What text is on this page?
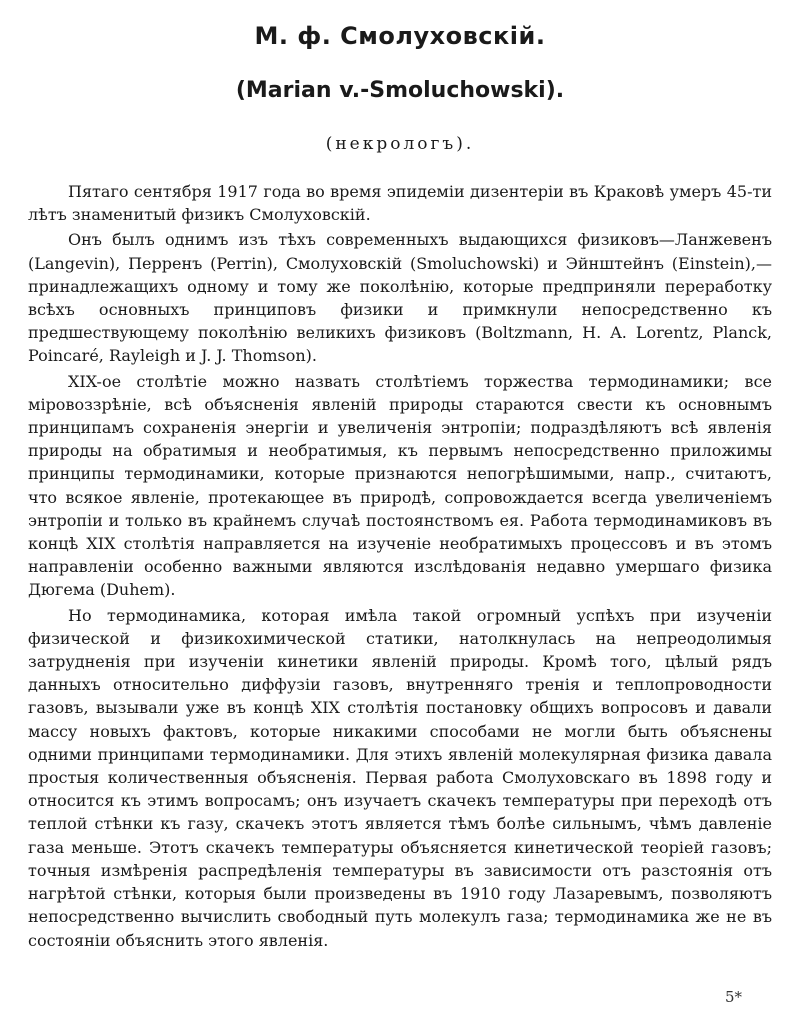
М. ф. Смолуховскій.
(Marian v.-Smoluchowski).
(некрологъ).

Пятаго сентября 1917 года во время эпидеміи дизентеріи въ Краковѣ умеръ 45-ти лѣтъ знаменитый физикъ Смолуховскій.

Онъ былъ однимъ изъ тѣхъ современныхъ выдающихся физиковъ—Ланжевенъ (Langevin), Перренъ (Perrin), Смолуховскій (Smoluchowski) и Эйнштейнъ (Einstein),—принадлежащихъ одному и тому же поколѣнію, которые предприняли переработку всѣхъ основныхъ принциповъ физики и примкнули непосредственно къ предшествующему поколѣнію великихъ физиковъ (Boltzmann, H. A. Lorentz, Planck, Poincaré, Rayleigh и J. J. Thomson).

XIX-ое столѣтіе можно назвать столѣтіемъ торжества термодинамики; все міровоззрѣніе, всѣ объясненія явленій природы стараются свести къ основнымъ принципамъ сохраненія энергіи и увеличенія энтропіи; подраздѣляютъ всѣ явленія природы на обратимыя и необратимыя, къ первымъ непосредственно приложимы принципы термодинамики, которые признаются непогрѣшимыми, напр., считаютъ, что всякое явленіе, протекающее въ природѣ, сопровождается всегда увеличеніемъ энтропіи и только въ крайнемъ случаѣ постоянствомъ ея. Работа термодинамиковъ въ концѣ XIX столѣтія направляется на изученіе необратимыхъ процессовъ и въ этомъ направленіи особенно важными являются изслѣдованія недавно умершаго физика Дюгема (Duhem).

Но термодинамика, которая имѣла такой огромный успѣхъ при изученіи физической и физикохимической статики, натолкнулась на непреодолимыя затрудненія при изученіи кинетики явленій природы. Кромѣ того, цѣлый рядъ данныхъ относительно диффузіи газовъ, внутренняго тренія и теплопроводности газовъ, вызывали уже въ концѣ XIX столѣтія постановку общихъ вопросовъ и давали массу новыхъ фактовъ, которые никакими способами не могли быть объяснены одними принципами термодинамики. Для этихъ явленій молекулярная физика давала простыя количественныя объясненія. Первая работа Смолуховскаго въ 1898 году и относится къ этимъ вопросамъ; онъ изучаетъ скачекъ температуры при переходѣ отъ теплой стѣнки къ газу, скачекъ этотъ является тѣмъ болѣе сильнымъ, чѣмъ давленіе газа меньше. Этотъ скачекъ температуры объясняется кинетической теоріей газовъ; точныя измѣренія распредѣленія температуры въ зависимости отъ разстоянія отъ нагрѣтой стѣнки, которыя были произведены въ 1910 году Лазаревымъ, позволяютъ непосредственно вычислить свободный путь молекулъ газа; термодинамика же не въ состояніи объяснить этого явленія.

5*
